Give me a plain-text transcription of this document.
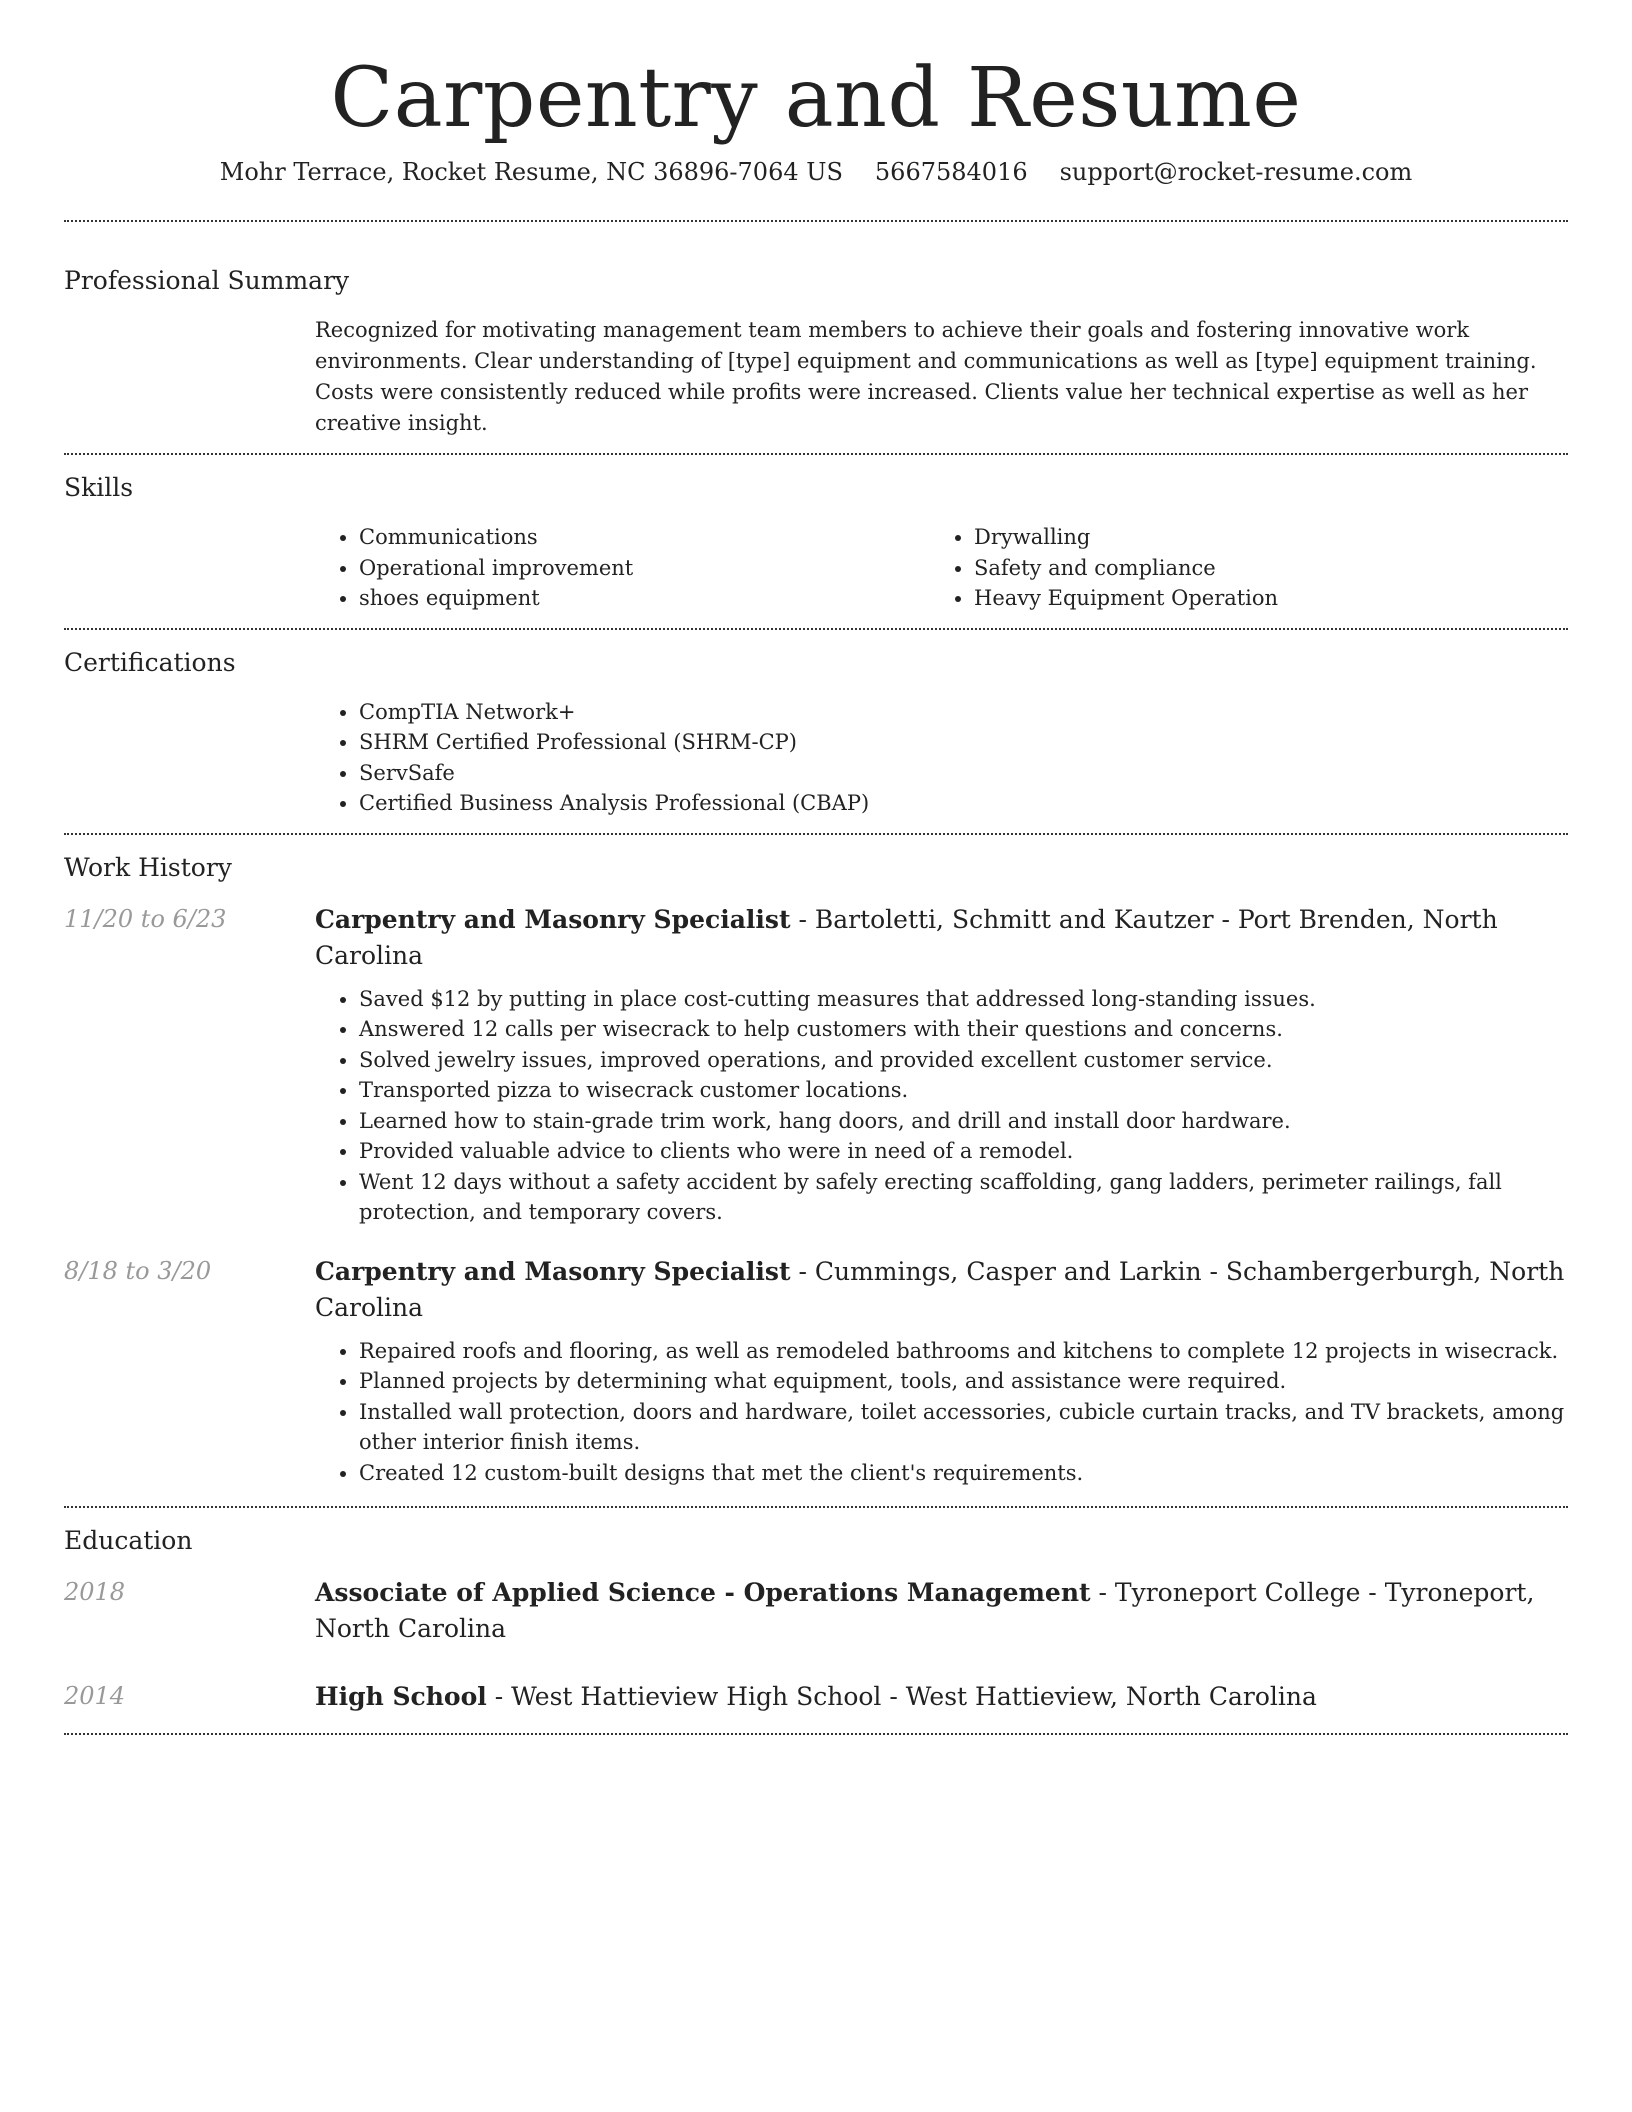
Carpentry and Resume
Mohr Terrace, Rocket Resume, NC 36896-7064 US 5667584016 support@rocket-resume.com
Professional Summary

Recognized for motivating management team members to achieve their goals and fostering innovative work environments. Clear understanding of [type] equipment and communications as well as [type] equipment training. Costs were consistently reduced while profits were increased. Clients value her technical expertise as well as her creative insight.

Skills
• Communications
• Operational improvement
• shoes equipment
• Drywalling
• Safety and compliance
• Heavy Equipment Operation
Certifications
• CompTIA Network+
• SHRM Certified Professional (SHRM-CP)
• ServSafe
• Certified Business Analysis Professional (CBAP)
Work History
11/20 to 6/23	Carpentry and Masonry Specialist - Bartoletti, Schmitt and Kautzer - Port Brenden, North Carolina

• Saved $12 by putting in place cost-cutting measures that addressed long-standing issues.
• Answered 12 calls per wisecrack to help customers with their questions and concerns.
• Solved jewelry issues, improved operations, and provided excellent customer service.
• Transported pizza to wisecrack customer locations.
• Learned how to stain-grade trim work, hang doors, and drill and install door hardware.
• Provided valuable advice to clients who were in need of a remodel.
• Went 12 days without a safety accident by safely erecting scaffolding, gang ladders, perimeter railings, fall protection, and temporary covers.
8/18 to 3/20	Carpentry and Masonry Specialist - Cummings, Casper and Larkin - Schambergerburgh, North Carolina

• Repaired roofs and flooring, as well as remodeled bathrooms and kitchens to complete 12 projects in wisecrack.
• Planned projects by determining what equipment, tools, and assistance were required.
• Installed wall protection, doors and hardware, toilet accessories, cubicle curtain tracks, and TV brackets, among other interior finish items.
• Created 12 custom-built designs that met the client's requirements.
Education
2018	Associate of Applied Science - Operations Management - Tyroneport College - Tyroneport, North Carolina

2014	High School - West Hattieview High School - West Hattieview, North Carolina
